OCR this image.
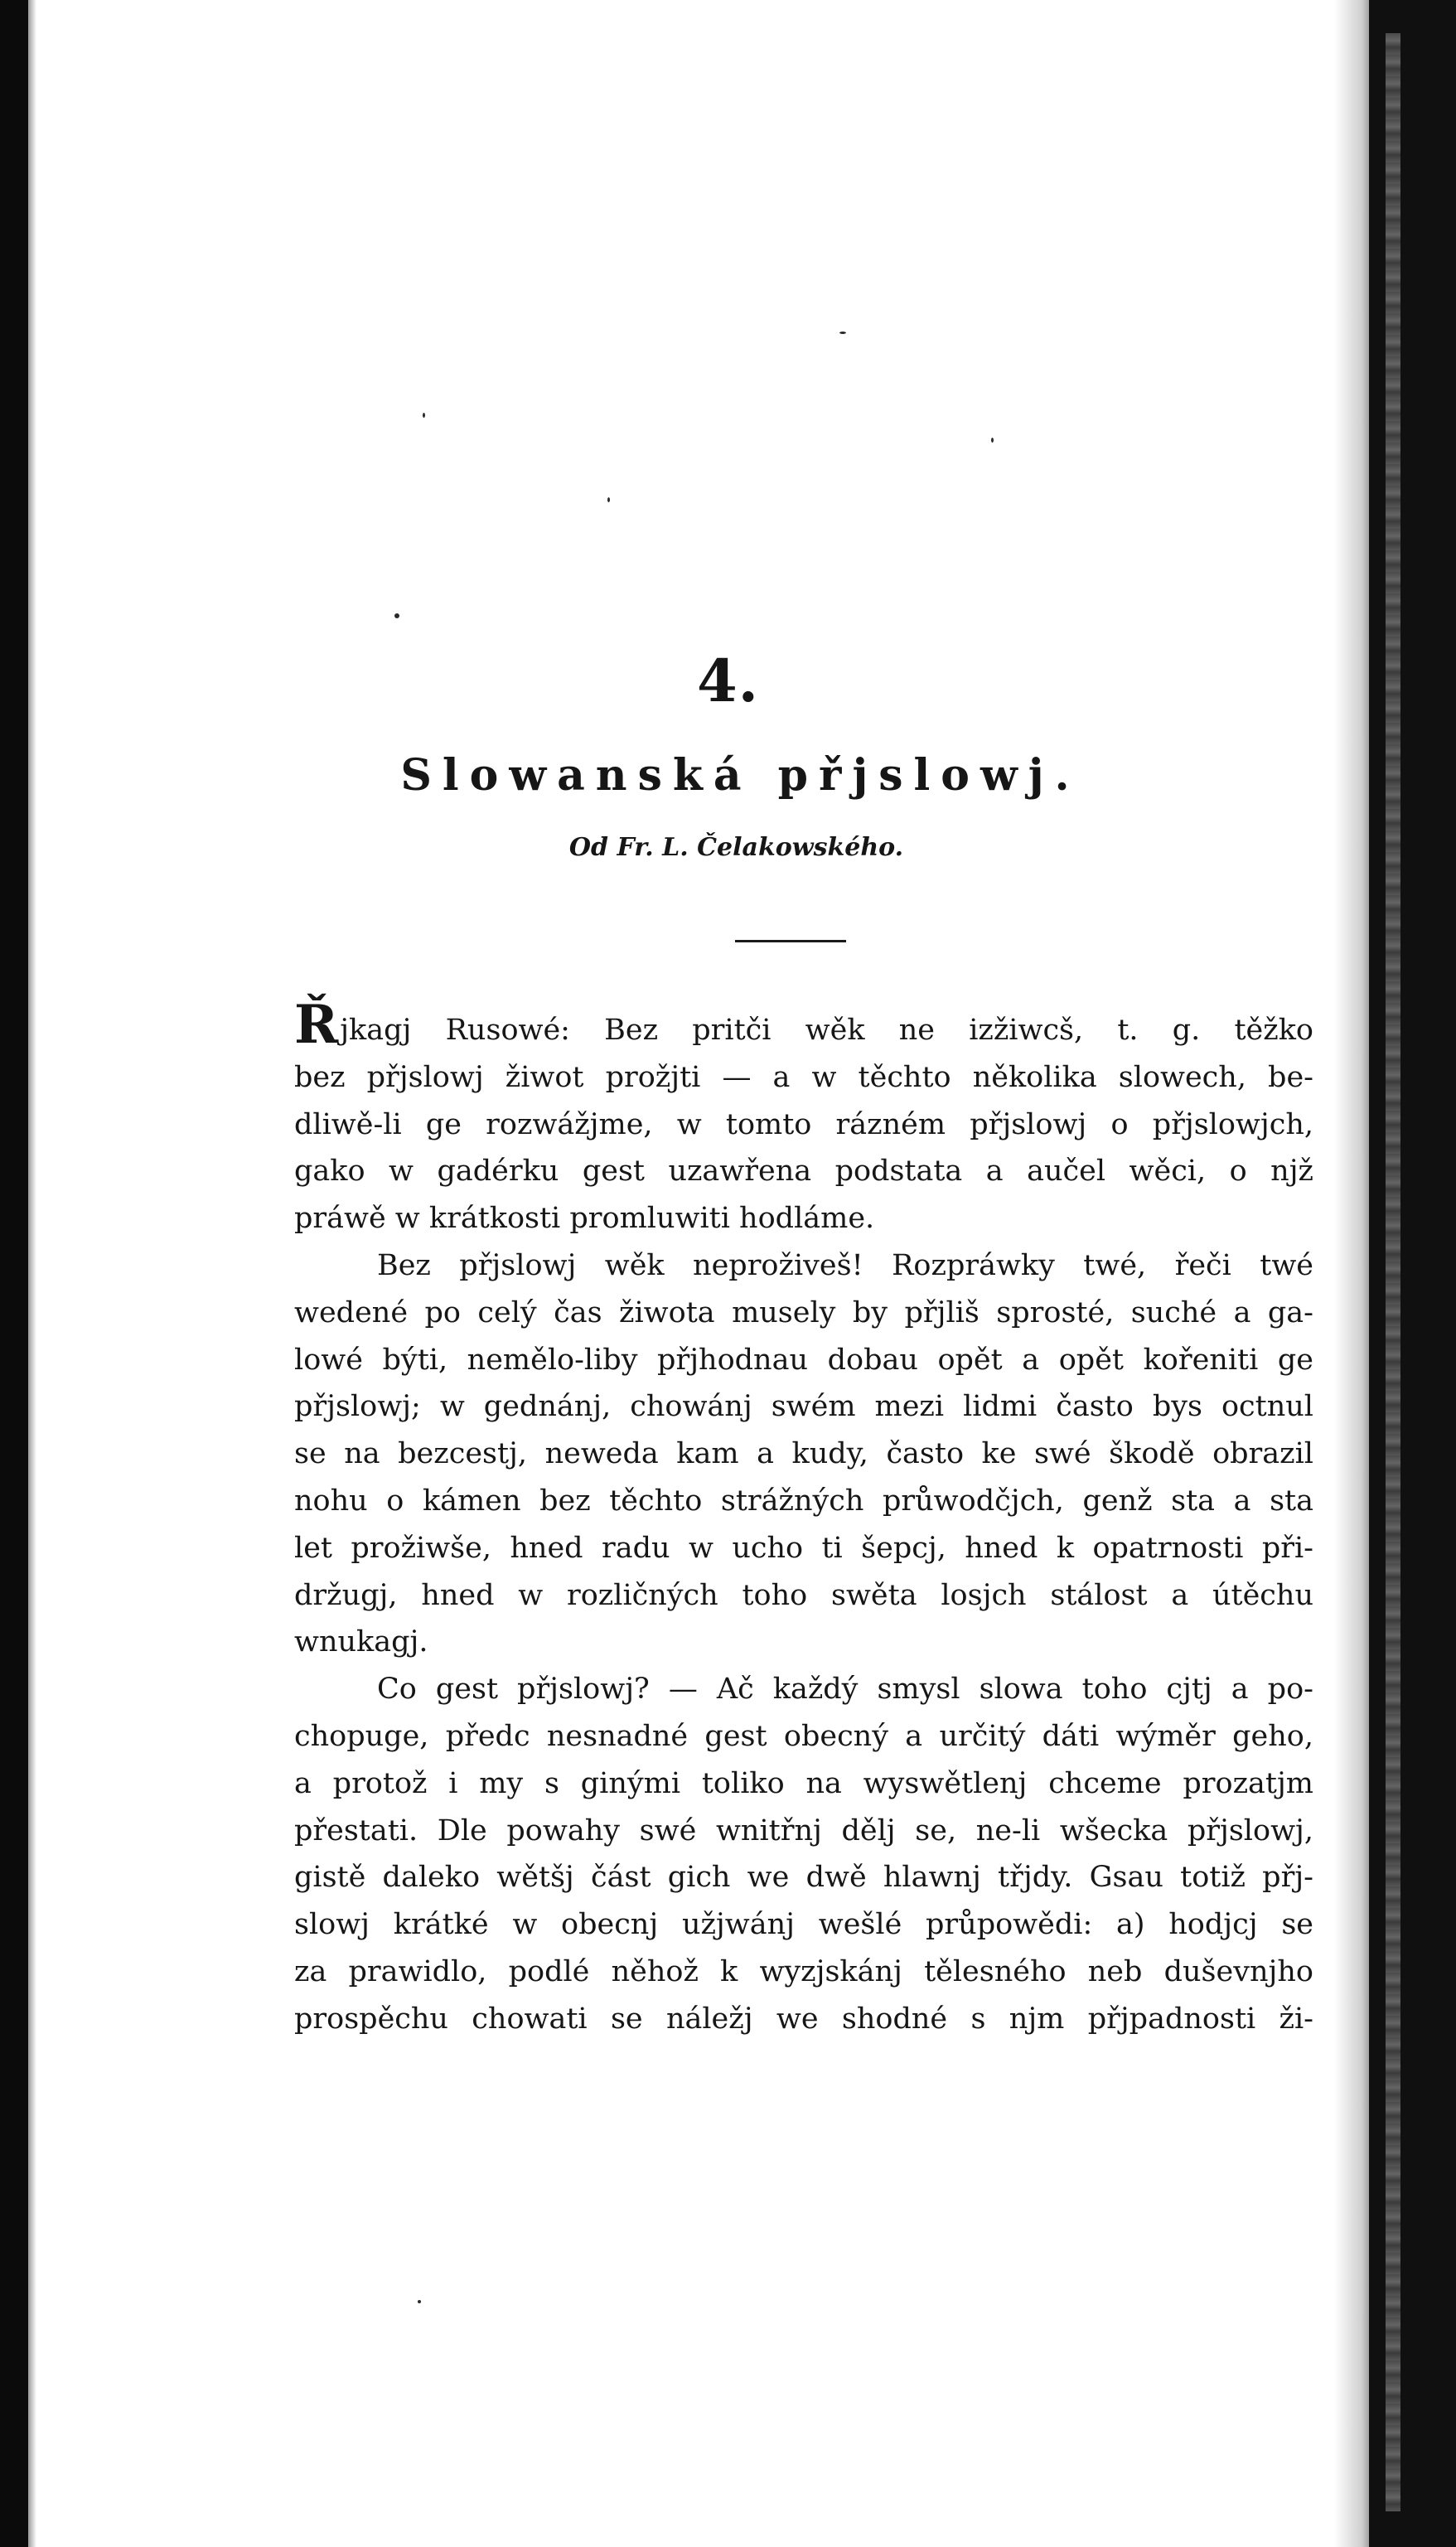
4.
Slowanská přjslowj.
Od Fr. L. Čelakowského.
Řjkagj Rusowé: Bez pritči wěk ne izžiwcš, t. g. těžko
bez přjslowj žiwot prožjti — a w těchto několika slowech, be-
dliwě-li ge rozwážjme, w tomto rázném přjslowj o přjslowjch,
gako w gadérku gest uzawřena podstata a aučel wěci, o njž
práwě w krátkosti promluwiti hodláme.
Bez přjslowj wěk neproživeš! Rozpráwky twé, řeči twé
wedené po celý čas žiwota musely by přjliš sprosté, suché a ga-
lowé býti, nemělo-liby přjhodnau dobau opět a opět kořeniti ge
přjslowj; w gednánj, chowánj swém mezi lidmi často bys octnul
se na bezcestj, neweda kam a kudy, často ke swé škodě obrazil
nohu o kámen bez těchto strážných průwodčjch, genž sta a sta
let prožiwše, hned radu w ucho ti šepcj, hned k opatrnosti při-
držugj, hned w rozličných toho swěta losjch stálost a útěchu
wnukagj.
Co gest přjslowj? — Ač každý smysl slowa toho cjtj a po-
chopuge, předc nesnadné gest obecný a určitý dáti wýměr geho,
a protož i my s ginými toliko na wyswětlenj chceme prozatjm
přestati. Dle powahy swé wnitřnj dělj se, ne-li wšecka přjslowj,
gistě daleko wětšj část gich we dwě hlawnj třjdy. Gsau totiž přj-
slowj krátké w obecnj užjwánj wešlé průpowědi: a) hodjcj se
za prawidlo, podlé něhož k wyzjskánj tělesného neb duševnjho
prospěchu chowati se náležj we shodné s njm přjpadnosti ži-
